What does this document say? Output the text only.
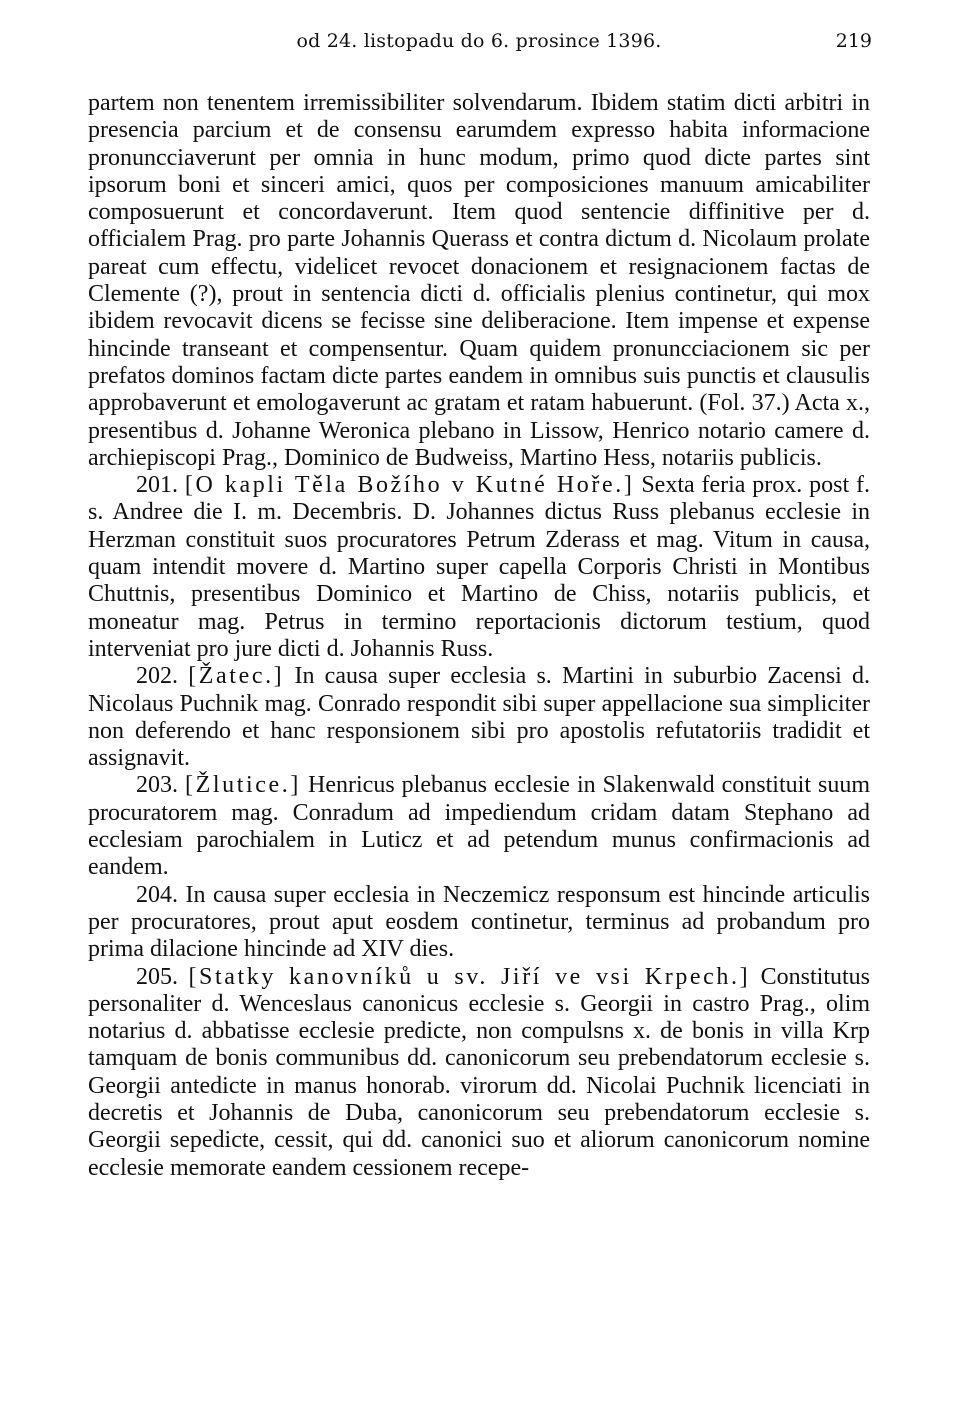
od 24. listopadu do 6. prosince 1396.	219

partem non tenentem irremissibiliter solvendarum. Ibidem statim dicti arbitri in presencia parcium et de consensu earumdem expresso habita informacione pronuncciaverunt per omnia in hunc modum, primo quod dicte partes sint ipsorum boni et sinceri amici, quos per composiciones manuum amicabiliter composuerunt et concordaverunt. Item quod sentencie diffinitive per d. officialem Prag. pro parte Johannis Querass et contra dictum d. Nicolaum prolate pareat cum effectu, videlicet revocet donacionem et resignacionem factas de Clemente (?), prout in sentencia dicti d. officialis plenius continetur, qui mox ibidem revocavit dicens se fecisse sine deliberacione. Item impense et expense hincinde transeant et compensentur. Quam quidem pronuncciacionem sic per prefatos dominos factam dicte partes eandem in omnibus suis punctis et clausulis approbaverunt et emologaverunt ac gratam et ratam habuerunt. (Fol. 37.) Acta x., presentibus d. Johanne Weronica plebano in Lissow, Henrico notario camere d. archiepiscopi Prag., Dominico de Budweiss, Martino Hess, notariis publicis.

201. [O kapli Těla Božího v Kutné Hoře.] Sexta feria prox. post f. s. Andree die I. m. Decembris. D. Johannes dictus Russ plebanus ecclesie in Herzman constituit suos procuratores Petrum Zderass et mag. Vitum in causa, quam intendit movere d. Martino super capella Corporis Christi in Montibus Chuttnis, presentibus Dominico et Martino de Chiss, notariis publicis, et moneatur mag. Petrus in termino reportacionis dictorum testium, quod interveniat pro jure dicti d. Johannis Russ.

202. [Žatec.] In causa super ecclesia s. Martini in suburbio Zacensi d. Nicolaus Puchnik mag. Conrado respondit sibi super appellacione sua simpliciter non deferendo et hanc responsionem sibi pro apostolis refutatoriis tradidit et assignavit.

203. [Žlutice.] Henricus plebanus ecclesie in Slakenwald constituit suum procuratorem mag. Conradum ad impediendum cridam datam Stephano ad ecclesiam parochialem in Luticz et ad petendum munus confirmacionis ad eandem.

204. In causa super ecclesia in Neczemicz responsum est hincinde articulis per procuratores, prout aput eosdem continetur, terminus ad probandum pro prima dilacione hincinde ad XIV dies.

205. [Statky kanovníků u sv. Jiří ve vsi Krpech.] Constitutus personaliter d. Wenceslaus canonicus ecclesie s. Georgii in castro Prag., olim notarius d. abbatisse ecclesie predicte, non compulsns x. de bonis in villa Krp tamquam de bonis communibus dd. canonicorum seu prebendatorum ecclesie s. Georgii antedicte in manus honorab. virorum dd. Nicolai Puchnik licenciati in decretis et Johannis de Duba, canonicorum seu prebendatorum ecclesie s. Georgii sepedicte, cessit, qui dd. canonici suo et aliorum canonicorum nomine ecclesie memorate eandem cessionem recepe-
